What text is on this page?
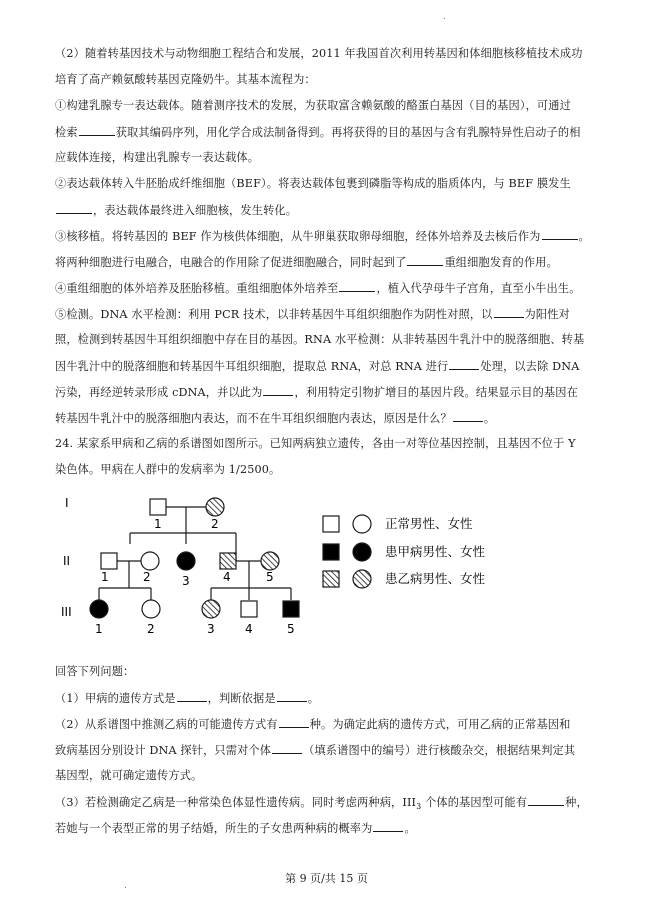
（2）随着转基因技术与动物细胞工程结合和发展，2011 年我国首次利用转基因和体细胞核移植技术成功
培育了高产赖氨酸转基因克隆奶牛。其基本流程为：
①构建乳腺专一表达载体。随着测序技术的发展，为获取富含赖氨酸的酪蛋白基因（目的基因），可通过
检索	获取其编码序列，用化学合成法制备得到。再将获得的目的基因与含有乳腺特异性启动子的相
应载体连接，构建出乳腺专一表达载体。
②表达载体转入牛胚胎成纤维细胞（BEF）。将表达载体包裹到磷脂等构成的脂质体内，与 BEF 膜发生
，表达载体最终进入细胞核，发生转化。
③核移植。将转基因的 BEF 作为核供体细胞，从牛卵巢获取卵母细胞，经体外培养及去核后作为	。
将两种细胞进行电融合，电融合的作用除了促进细胞融合，同时起到了	重组细胞发育的作用。
④重组细胞的体外培养及胚胎移植。重组细胞体外培养至	，植入代孕母牛子宫角，直至小牛出生。
⑤检测。DNA 水平检测：利用 PCR 技术，以非转基因牛耳组织细胞作为阴性对照，以	为阳性对
照，检测到转基因牛耳组织细胞中存在目的基因。RNA 水平检测：从非转基因牛乳汁中的脱落细胞、转基
因牛乳汁中的脱落细胞和转基因牛耳组织细胞，提取总 RNA，对总 RNA 进行	处理，以去除 DNA
污染，再经逆转录形成 cDNA，并以此为	，利用特定引物扩增目的基因片段。结果显示目的基因在
转基因牛乳汁中的脱落细胞内表达，而不在牛耳组织细胞内表达，原因是什么？	。
24. 某家系甲病和乙病的系谱图如图所示。已知两病独立遗传，各由一对等位基因控制，且基因不位于 Y
染色体。甲病在人群中的发病率为 1/2500。
I
II
III
1	2
1	2	3	4	5
1	2	3	4	5
正常男性、女性
患甲病男性、女性
患乙病男性、女性
回答下列问题：
（1）甲病的遗传方式是	，判断依据是	。
（2）从系谱图中推测乙病的可能遗传方式有	种。为确定此病的遗传方式，可用乙病的正常基因和
致病基因分别设计 DNA 探针，只需对个体	（填系谱图中的编号）进行核酸杂交，根据结果判定其
基因型，就可确定遗传方式。
（3）若检测确定乙病是一种常染色体显性遗传病。同时考虑两种病，$III_3$ 个体的基因型可能有	种，
若她与一个表型正常的男子结婚，所生的子女患两种病的概率为	。
第 9 页/共 15 页
